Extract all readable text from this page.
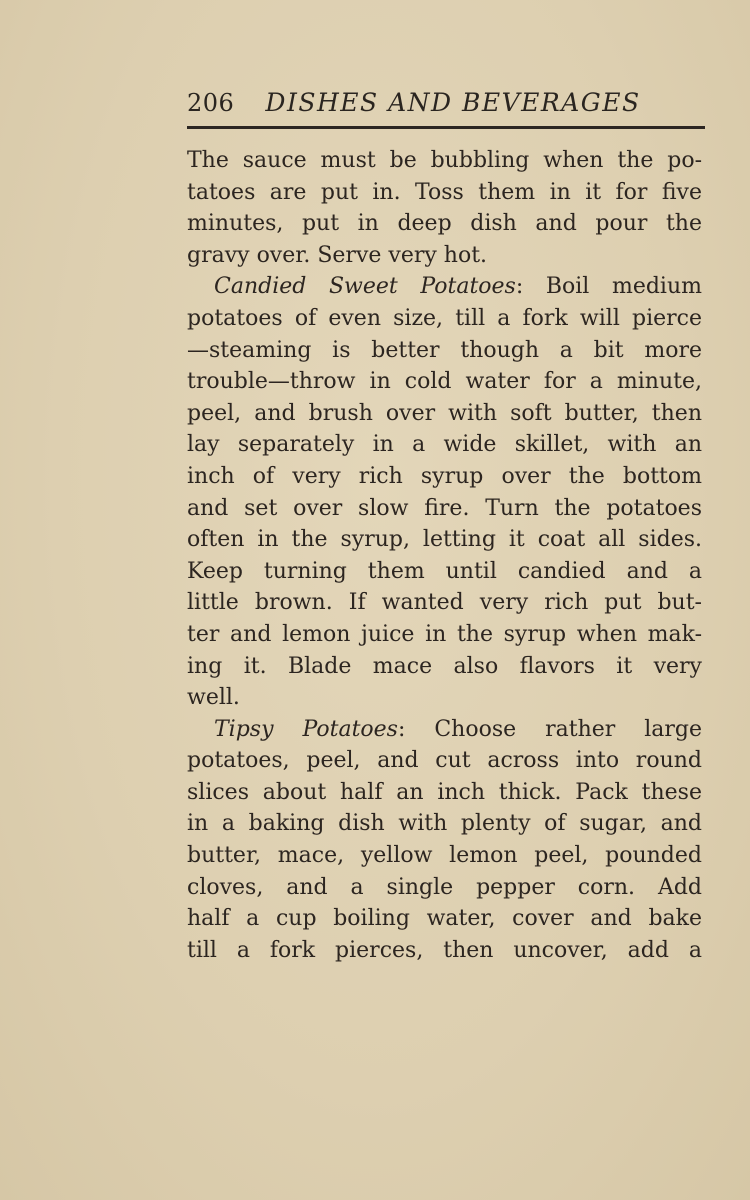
206 DISHES AND BEVERAGES
The sauce must be bubbling when the po-
tatoes are put in. Toss them in it for five
minutes, put in deep dish and pour the
gravy over. Serve very hot.
Candied Sweet Potatoes: Boil medium
potatoes of even size, till a fork will pierce
—steaming is better though a bit more
trouble—throw in cold water for a minute,
peel, and brush over with soft butter, then
lay separately in a wide skillet, with an
inch of very rich syrup over the bottom
and set over slow fire. Turn the potatoes
often in the syrup, letting it coat all sides.
Keep turning them until candied and a
little brown. If wanted very rich put but-
ter and lemon juice in the syrup when mak-
ing it. Blade mace also flavors it very
well.
Tipsy Potatoes: Choose rather large
potatoes, peel, and cut across into round
slices about half an inch thick. Pack these
in a baking dish with plenty of sugar, and
butter, mace, yellow lemon peel, pounded
cloves, and a single pepper corn. Add
half a cup boiling water, cover and bake
till a fork pierces, then uncover, add a
